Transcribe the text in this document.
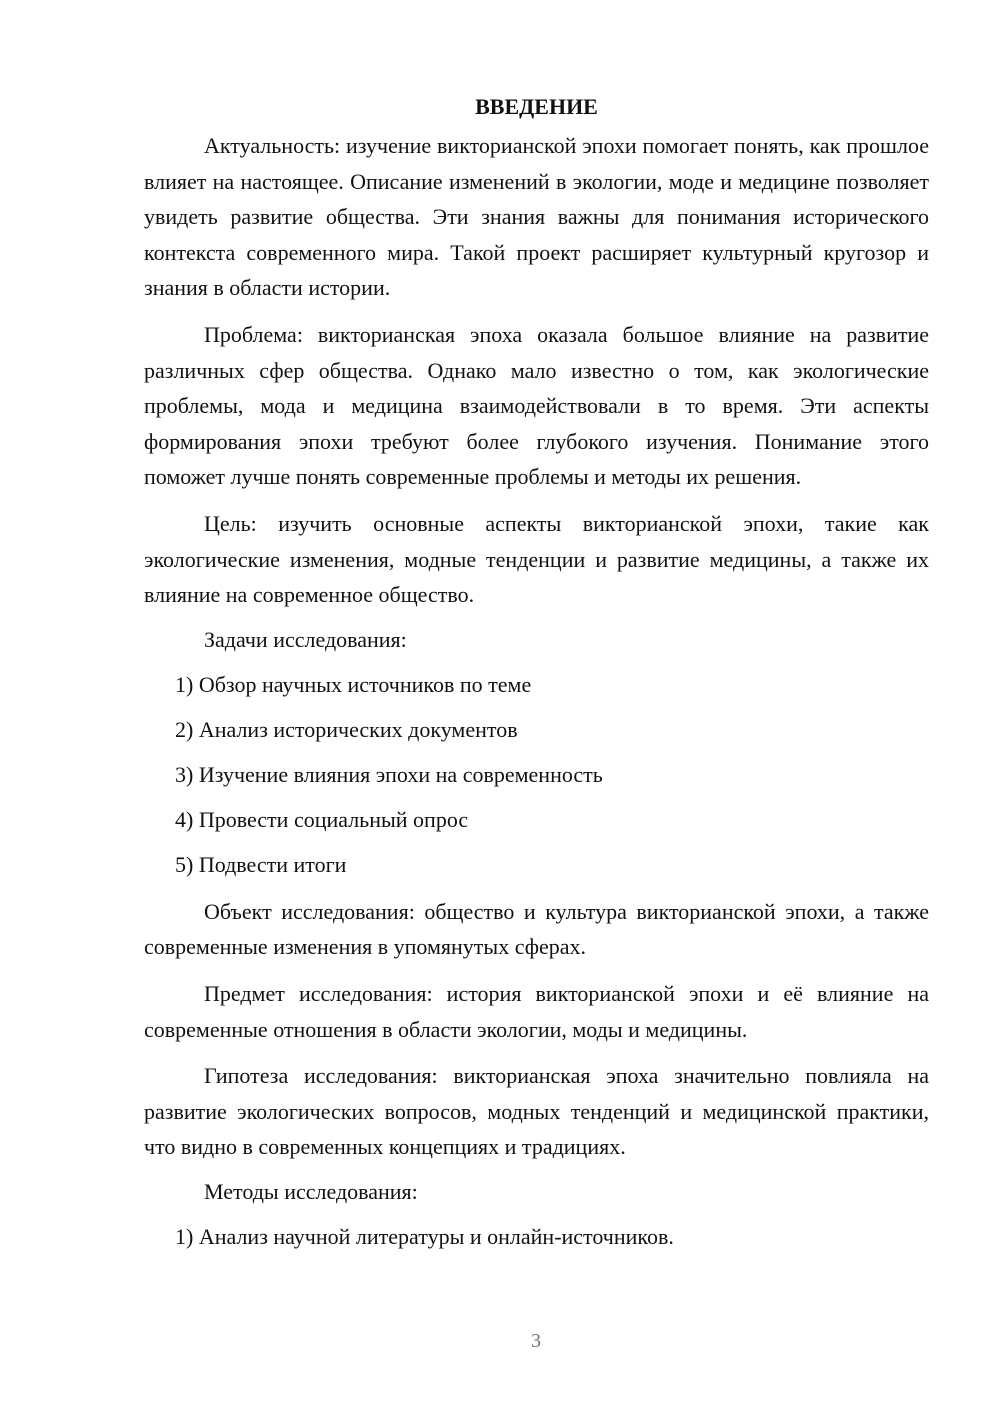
ВВЕДЕНИЕ

Актуальность: изучение викторианской эпохи помогает понять, как прошлое влияет на настоящее. Описание изменений в экологии, моде и медицине позволяет увидеть развитие общества. Эти знания важны для понимания исторического контекста современного мира. Такой проект расширяет культурный кругозор и знания в области истории.

Проблема: викторианская эпоха оказала большое влияние на развитие различных сфер общества. Однако мало известно о том, как экологические проблемы, мода и медицина взаимодействовали в то время. Эти аспекты формирования эпохи требуют более глубокого изучения. Понимание этого поможет лучше понять современные проблемы и методы их решения.

Цель: изучить основные аспекты викторианской эпохи, такие как экологические изменения, модные тенденции и развитие медицины, а также их влияние на современное общество.

Задачи исследования:

1) Обзор научных источников по теме
2) Анализ исторических документов
3) Изучение влияния эпохи на современность
4) Провести социальный опрос
5) Подвести итоги

Объект исследования: общество и культура викторианской эпохи, а также современные изменения в упомянутых сферах.

Предмет исследования: история викторианской эпохи и её влияние на современные отношения в области экологии, моды и медицины.

Гипотеза исследования: викторианская эпоха значительно повлияла на развитие экологических вопросов, модных тенденций и медицинской практики, что видно в современных концепциях и традициях.

Методы исследования:

1) Анализ научной литературы и онлайн-источников.
3
